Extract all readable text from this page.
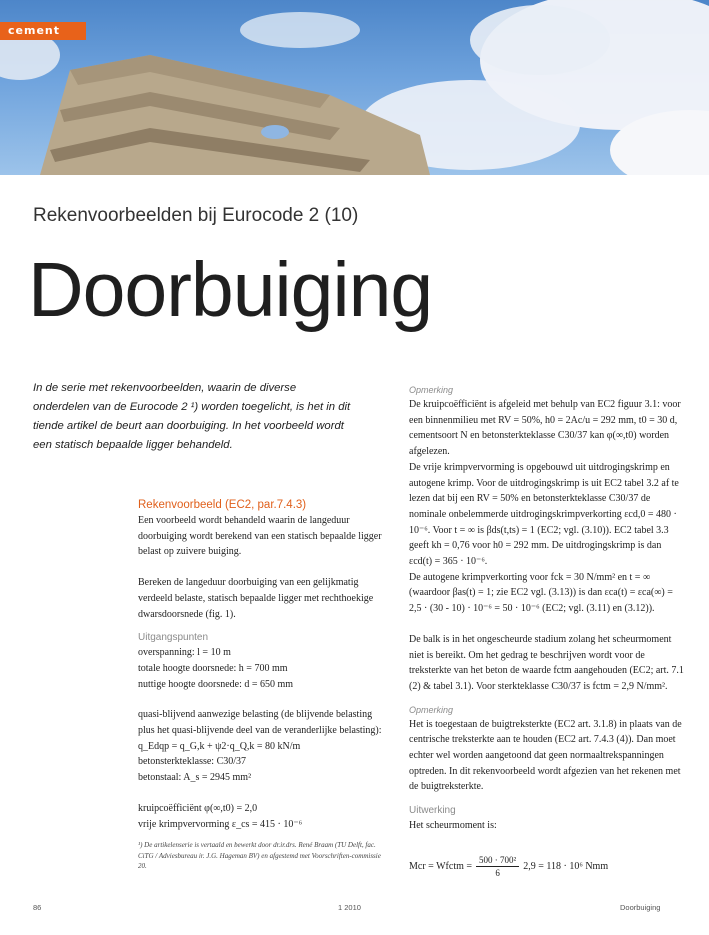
cement
Rekenvoorbeelden bij Eurocode 2 (10)
Doorbuiging
In de serie met rekenvoorbeelden, waarin de diverse onderdelen van de Eurocode 2 ¹) worden toegelicht, is het in dit tiende artikel de beurt aan doorbuiging. In het voorbeeld wordt een statisch bepaalde ligger behandeld.
Rekenvoorbeeld (EC2, par.7.4.3)

Een voorbeeld wordt behandeld waarin de langeduur doorbuiging wordt berekend van een statisch bepaalde ligger belast op zuivere buiging.

Bereken de langeduur doorbuiging van een gelijkmatig verdeeld belaste, statisch bepaalde ligger met rechthoekige dwarsdoorsnede (fig. 1).

Uitgangspunten

overspanning: l = 10 m

totale hoogte doorsnede: h = 700 mm

nuttige hoogte doorsnede: d = 650 mm

quasi-blijvend aanwezige belasting (de blijvende belasting plus het quasi-blijvende deel van de veranderlijke belasting):

q_Edqp = q_G,k + ψ2·q_Q,k = 80 kN/m

betonsterkteklasse: C30/37

betonstaal: A_s = 2945 mm²

kruipcoëfficiënt φ(∞,t0) = 2,0

vrije krimpvervorming ε_cs = 415 · 10⁻⁶

¹) De artikelenserie is vertaald en bewerkt door dr.ir.drs. René Braam (TU Delft, fac. CiTG / Adviesbureau ir. J.G. Hageman BV) en afgestemd met Voorschriften-commissie 20.
Opmerking

De kruipcoëfficiënt is afgeleid met behulp van EC2 figuur 3.1: voor een binnenmilieu met RV = 50%, h0 = 2Ac/u = 292 mm, t0 = 30 d, cementsoort N en betonsterkteklasse C30/37 kan φ(∞,t0) worden afgelezen.

De vrije krimpvervorming is opgebouwd uit uitdrogingskrimp en autogene krimp. Voor de uitdrogingskrimp is uit EC2 tabel 3.2 af te lezen dat bij een RV = 50% en betonsterkteklasse C30/37 de nominale onbelemmerde uitdrogingskrimpverkorting εcd,0 = 480 · 10⁻⁶. Voor t = ∞ is βds(t,ts) = 1 (EC2; vgl. (3.10)). EC2 tabel 3.3 geeft kh = 0,76 voor h0 = 292 mm. De uitdrogingskrimp is dan εcd(t) = 365 · 10⁻⁶.

De autogene krimpverkorting voor fck = 30 N/mm² en t = ∞ (waardoor βas(t) = 1; zie EC2 vgl. (3.13)) is dan εca(t) = εca(∞) = 2,5 · (30 - 10) · 10⁻⁶ = 50 · 10⁻⁶ (EC2; vgl. (3.11) en (3.12)).

De balk is in het ongescheurde stadium zolang het scheurmoment niet is bereikt. Om het gedrag te beschrijven wordt voor de treksterkte van het beton de waarde fctm aangehouden (EC2; art. 7.1 (2) & tabel 3.1). Voor sterkteklasse C30/37 is fctm = 2,9 N/mm².

Opmerking

Het is toegestaan de buigtreksterkte (EC2 art. 3.1.8) in plaats van de centrische treksterkte aan te houden (EC2 art. 7.4.3 (4)). Dan moet echter wel worden aangetoond dat geen normaaltrekspanningen optreden. In dit rekenvoorbeeld wordt afgezien van het rekenen met de buigtreksterkte.

Uitwerking

Het scheurmoment is:

Mcr = Wfctm = $\frac{\text{500 · 700²}}{6} 2,9 = 118 \cdot 10^6$ Nmm
86	1 2010	Doorbuiging
